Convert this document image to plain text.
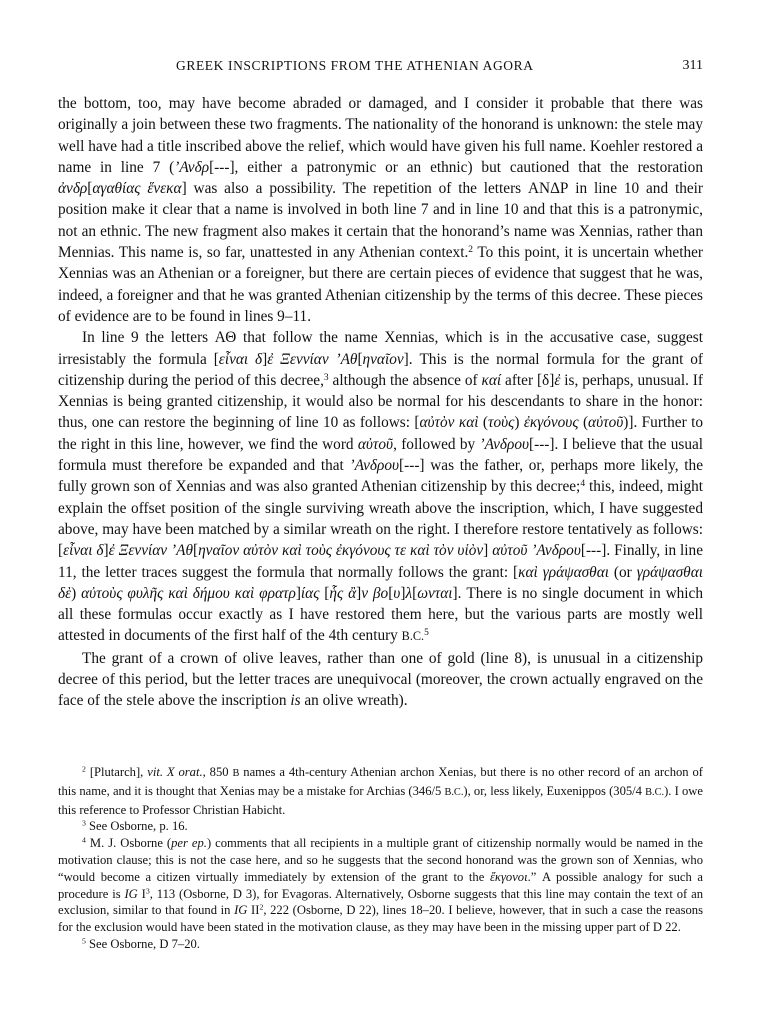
GREEK INSCRIPTIONS FROM THE ATHENIAN AGORA	311

the bottom, too, may have become abraded or damaged, and I consider it probable that there was originally a join between these two fragments. The nationality of the honorand is unknown: the stele may well have had a title inscribed above the relief, which would have given his full name. Koehler restored a name in line 7 (’Ανδρ[---], either a patronymic or an ethnic) but cautioned that the restoration ἀνδρ[αγαθίας ἕνεκα] was also a possibility. The repetition of the letters ΑΝΔΡ in line 10 and their position make it clear that a name is involved in both line 7 and in line 10 and that this is a patronymic, not an ethnic. The new fragment also makes it certain that the honorand’s name was Xennias, rather than Mennias. This name is, so far, unattested in any Athenian context.$^2$ To this point, it is uncertain whether Xennias was an Athenian or a foreigner, but there are certain pieces of evidence that suggest that he was, indeed, a foreigner and that he was granted Athenian citizenship by the terms of this decree. These pieces of evidence are to be found in lines 9–11.

In line 9 the letters ΑΘ that follow the name Xennias, which is in the accusative case, suggest irresistably the formula [εἶναι δ]ἐ Ξεννίαν ’Αθ[ηναῖον]. This is the normal formula for the grant of citizenship during the period of this decree,$^3$ although the absence of καί after [δ]ἐ is, perhaps, unusual. If Xennias is being granted citizenship, it would also be normal for his descendants to share in the honor: thus, one can restore the beginning of line 10 as follows: [αὐτὸν καὶ (τοὺς) ἐκγόνους (αὐτοῦ)]. Further to the right in this line, however, we find the word αὐτοῦ, followed by ’Ανδρου[---]. I believe that the usual formula must therefore be expanded and that ’Ανδρου[---] was the father, or, perhaps more likely, the fully grown son of Xennias and was also granted Athenian citizenship by this decree;$^4$ this, indeed, might explain the offset position of the single surviving wreath above the inscription, which, I have suggested above, may have been matched by a similar wreath on the right. I therefore restore tentatively as follows: [εἶναι δ]ἐ Ξεννίαν ’Αθ[ηναῖον αὐτὸν καὶ τοὺς ἐκγόνους τε καὶ τὸν υἱὸν] αὐτοῦ ’Ανδρου[---]. Finally, in line 11, the letter traces suggest the formula that normally follows the grant: [καὶ γράψασθαι (or γράψασθαι δὲ) αὐτοὺς φυλῆς καὶ δήμου καὶ φρατρ]ίας [ἧς ἂ]ν βο[υ]λ[ωνται]. There is no single document in which all these formulas occur exactly as I have restored them here, but the various parts are mostly well attested in documents of the first half of the 4th century B.C.$^5$

The grant of a crown of olive leaves, rather than one of gold (line 8), is unusual in a citizenship decree of this period, but the letter traces are unequivocal (moreover, the crown actually engraved on the face of the stele above the inscription is an olive wreath).

$^2$ [Plutarch], vit. X orat., 850 B names a 4th-century Athenian archon Xenias, but there is no other record of an archon of this name, and it is thought that Xenias may be a mistake for Archias (346/5 B.C.), or, less likely, Euxenippos (305/4 B.C.). I owe this reference to Professor Christian Habicht.

$^3$ See Osborne, p. 16.

$^4$ M. J. Osborne (per ep.) comments that all recipients in a multiple grant of citizenship normally would be named in the motivation clause; this is not the case here, and so he suggests that the second honorand was the grown son of Xennias, who “would become a citizen virtually immediately by extension of the grant to the ἔκγονοι.” A possible analogy for such a procedure is IG $I^3$, 113 (Osborne, D 3), for Evagoras. Alternatively, Osborne suggests that this line may contain the text of an exclusion, similar to that found in IG $II^2$, 222 (Osborne, D 22), lines 18–20. I believe, however, that in such a case the reasons for the exclusion would have been stated in the motivation clause, as they may have been in the missing upper part of D 22.

$^5$ See Osborne, D 7–20.
